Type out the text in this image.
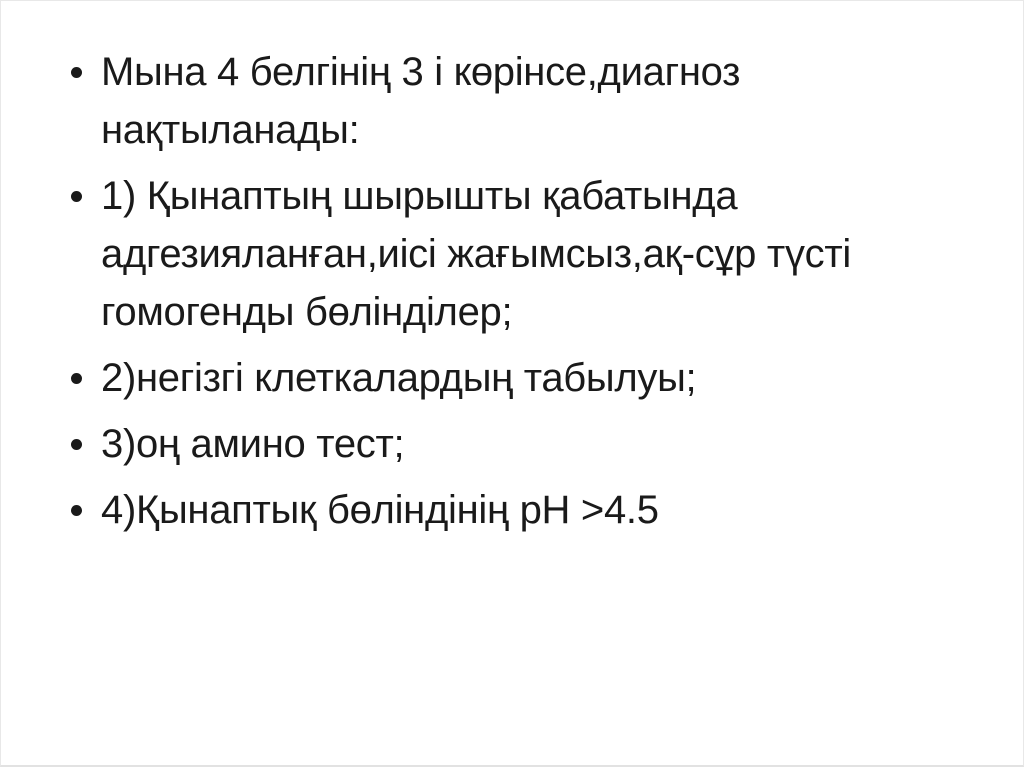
Мына 4 белгінің 3 і көрінсе,диагноз
нақтыланады:
1) Қынаптың шырышты қабатында
адгезияланған,иісі жағымсыз,ақ-сұр түсті
гомогенды бөлінділер;
2)негізгі клеткалардың табылуы;
3)оң амино тест;
4)Қынаптық бөліндінің pH >4.5
